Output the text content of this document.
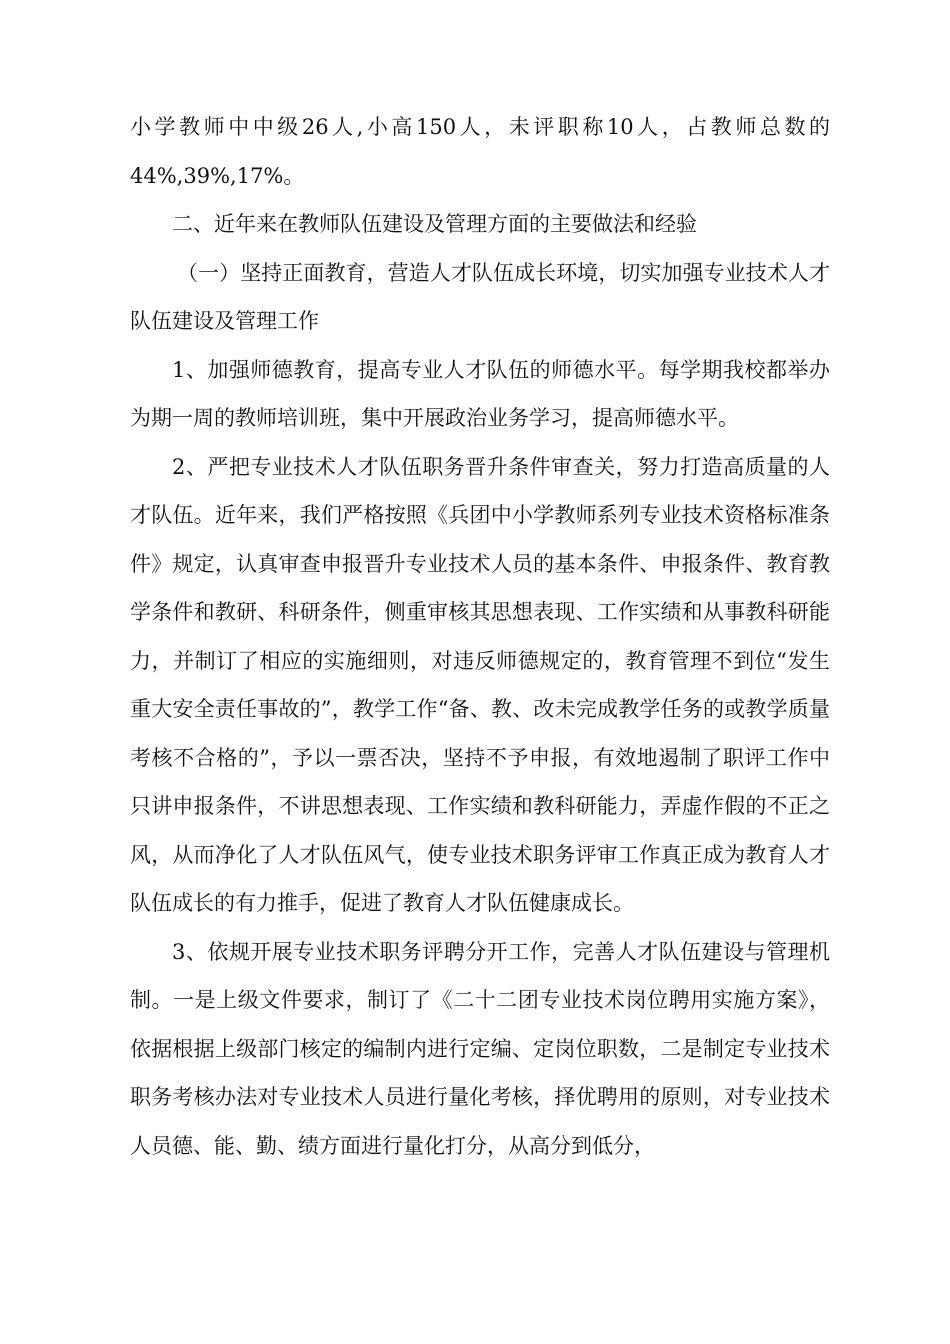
小学教师中中级26人,小高150人，未评职称10人，占教师总数的44%,39%,17%。

二、近年来在教师队伍建设及管理方面的主要做法和经验

（一）坚持正面教育，营造人才队伍成长环境，切实加强专业技术人才队伍建设及管理工作

1、加强师德教育，提高专业人才队伍的师德水平。每学期我校都举办为期一周的教师培训班，集中开展政治业务学习，提高师德水平。

2、严把专业技术人才队伍职务晋升条件审查关，努力打造高质量的人才队伍。近年来，我们严格按照《兵团中小学教师系列专业技术资格标准条件》规定，认真审查申报晋升专业技术人员的基本条件、申报条件、教育教学条件和教研、科研条件，侧重审核其思想表现、工作实绩和从事教科研能力，并制订了相应的实施细则，对违反师德规定的，教育管理不到位“发生重大安全责任事故的”，教学工作“备、教、改未完成教学任务的或教学质量考核不合格的”，予以一票否决，坚持不予申报，有效地遏制了职评工作中只讲申报条件，不讲思想表现、工作实绩和教科研能力，弄虚作假的不正之风，从而净化了人才队伍风气，使专业技术职务评审工作真正成为教育人才队伍成长的有力推手，促进了教育人才队伍健康成长。

3、依规开展专业技术职务评聘分开工作，完善人才队伍建设与管理机制。一是上级文件要求，制订了《二十二团专业技术岗位聘用实施方案》，依据根据上级部门核定的编制内进行定编、定岗位职数，二是制定专业技术职务考核办法对专业技术人员进行量化考核，择优聘用的原则，对专业技术人员德、能、勤、绩方面进行量化打分，从高分到低分，
